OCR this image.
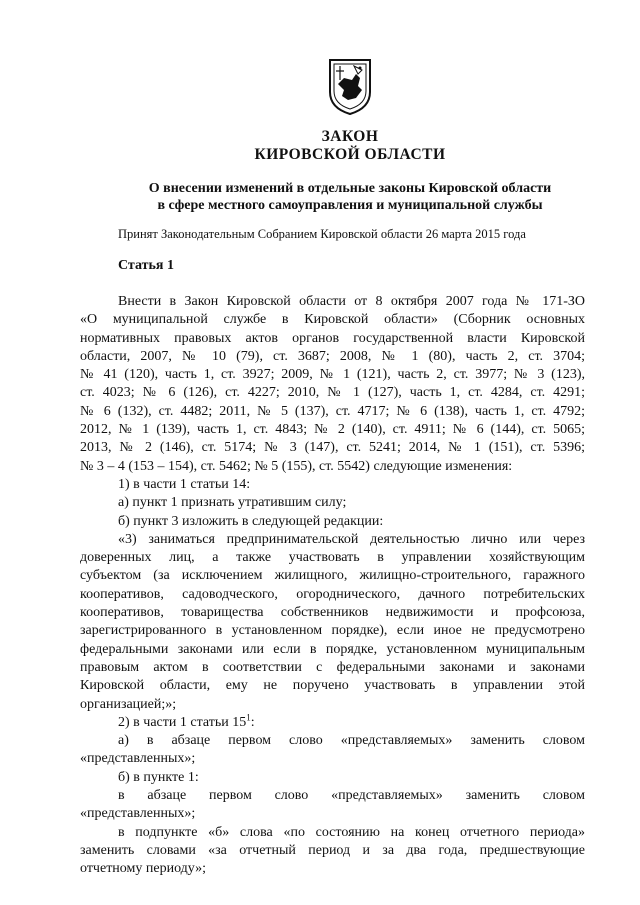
ЗАКОН
КИРОВСКОЙ ОБЛАСТИ
О внесении изменений в отдельные законы Кировской области
в сфере местного самоуправления и муниципальной службы
Принят Законодательным Собранием Кировской области 26 марта 2015 года
Статья 1
Внести в Закон Кировской области от 8 октября 2007 года № 171-ЗО
«О муниципальной службе в Кировской области» (Сборник основных
нормативных правовых актов органов государственной власти Кировской
области, 2007, № 10 (79), ст. 3687; 2008, № 1 (80), часть 2, ст. 3704;
№ 41 (120), часть 1, ст. 3927; 2009, № 1 (121), часть 2, ст. 3977; № 3 (123),
ст. 4023; № 6 (126), ст. 4227; 2010, № 1 (127), часть 1, ст. 4284, ст. 4291;
№ 6 (132), ст. 4482; 2011, № 5 (137), ст. 4717; № 6 (138), часть 1, ст. 4792;
2012, № 1 (139), часть 1, ст. 4843; № 2 (140), ст. 4911; № 6 (144), ст. 5065;
2013, № 2 (146), ст. 5174; № 3 (147), ст. 5241; 2014, № 1 (151), ст. 5396;
№ 3 – 4 (153 – 154), ст. 5462; № 5 (155), ст. 5542) следующие изменения:
1) в части 1 статьи 14:
а) пункт 1 признать утратившим силу;
б) пункт 3 изложить в следующей редакции:
«3) заниматься предпринимательской деятельностью лично или через
доверенных лиц, а также участвовать в управлении хозяйствующим
субъектом (за исключением жилищного, жилищно-строительного, гаражного
кооперативов, садоводческого, огороднического, дачного потребительских
кооперативов, товарищества собственников недвижимости и профсоюза,
зарегистрированного в установленном порядке), если иное не предусмотрено
федеральными законами или если в порядке, установленном муниципальным
правовым актом в соответствии с федеральными законами и законами
Кировской области, ему не поручено участвовать в управлении этой
организацией;»;
2) в части 1 статьи $15^1$:
а) в абзаце первом слово «представляемых» заменить словом
«представленных»;
б) в пункте 1:
в абзаце первом слово «представляемых» заменить словом
«представленных»;
в подпункте «б» слова «по состоянию на конец отчетного периода»
заменить словами «за отчетный период и за два года, предшествующие
отчетному периоду»;
